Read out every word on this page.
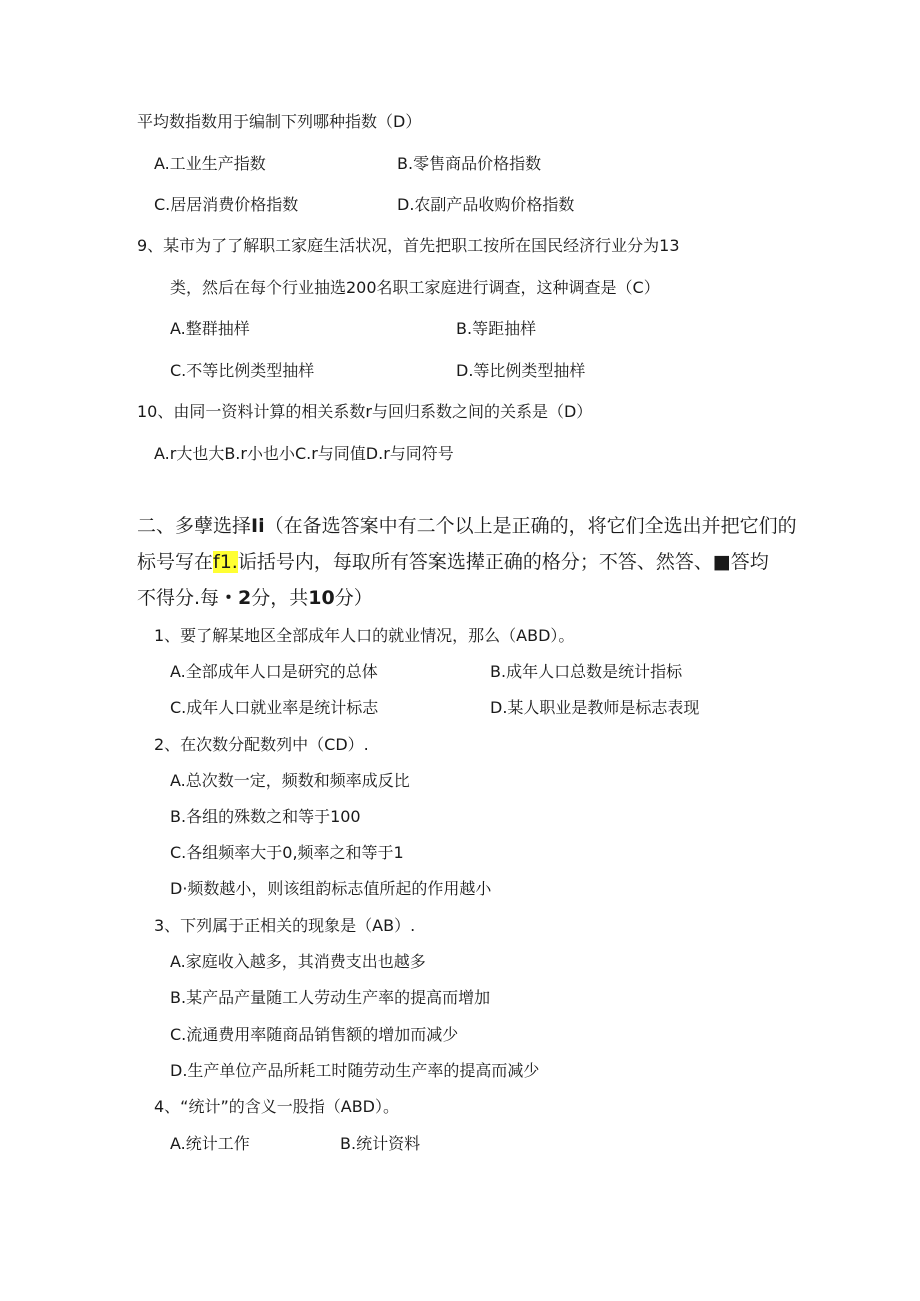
平均数指数用于编制下列哪种指数（D）
A.工业生产指数	B.零售商品价格指数
C.居居消费价格指数	D.农副产品收购价格指数
9、某市为了了解职工家庭生活状况，首先把职工按所在国民经济行业分为13
类，然后在每个行业抽选200名职工家庭进行调查，这种调查是（C）
A.整群抽样	B.等距抽样
C.不等比例类型抽样	D.等比例类型抽样
10、由同一资料计算的相关系数r与回归系数之间的关系是（D）
A.r大也大B.r小也小C.r与同值D.r与同符号
二、多孽选择Ii（在备选答案中有二个以上是正确的，将它们全选出并把它们的
标号写在f1.诟括号内，每取所有答案选撵正确的格分；不答、然答、■答均
不得分.每・2分，共10分）
1、要了解某地区全部成年人口的就业情况，那么（ABD）。
A.全部成年人口是研究的总体	B.成年人口总数是统计指标
C.成年人口就业率是统计标志	D.某人职业是教师是标志表现
2、在次数分配数列中（CD）.
A.总次数一定，频数和频率成反比
B.各组的殊数之和等于100
C.各组频率大于0,频率之和等于1
D·频数越小，则该组韵标志值所起的作用越小
3、下列属于正相关的现象是（AB）.
A.家庭收入越多，其消费支出也越多
B.某产品产量随工人劳动生产率的提高而增加
C.流通费用率随商品销售额的增加而减少
D.生产单位产品所耗工时随劳动生产率的提高而减少
4、“统计”的含义一股指（ABD）。
A.统计工作	B.统计资料
